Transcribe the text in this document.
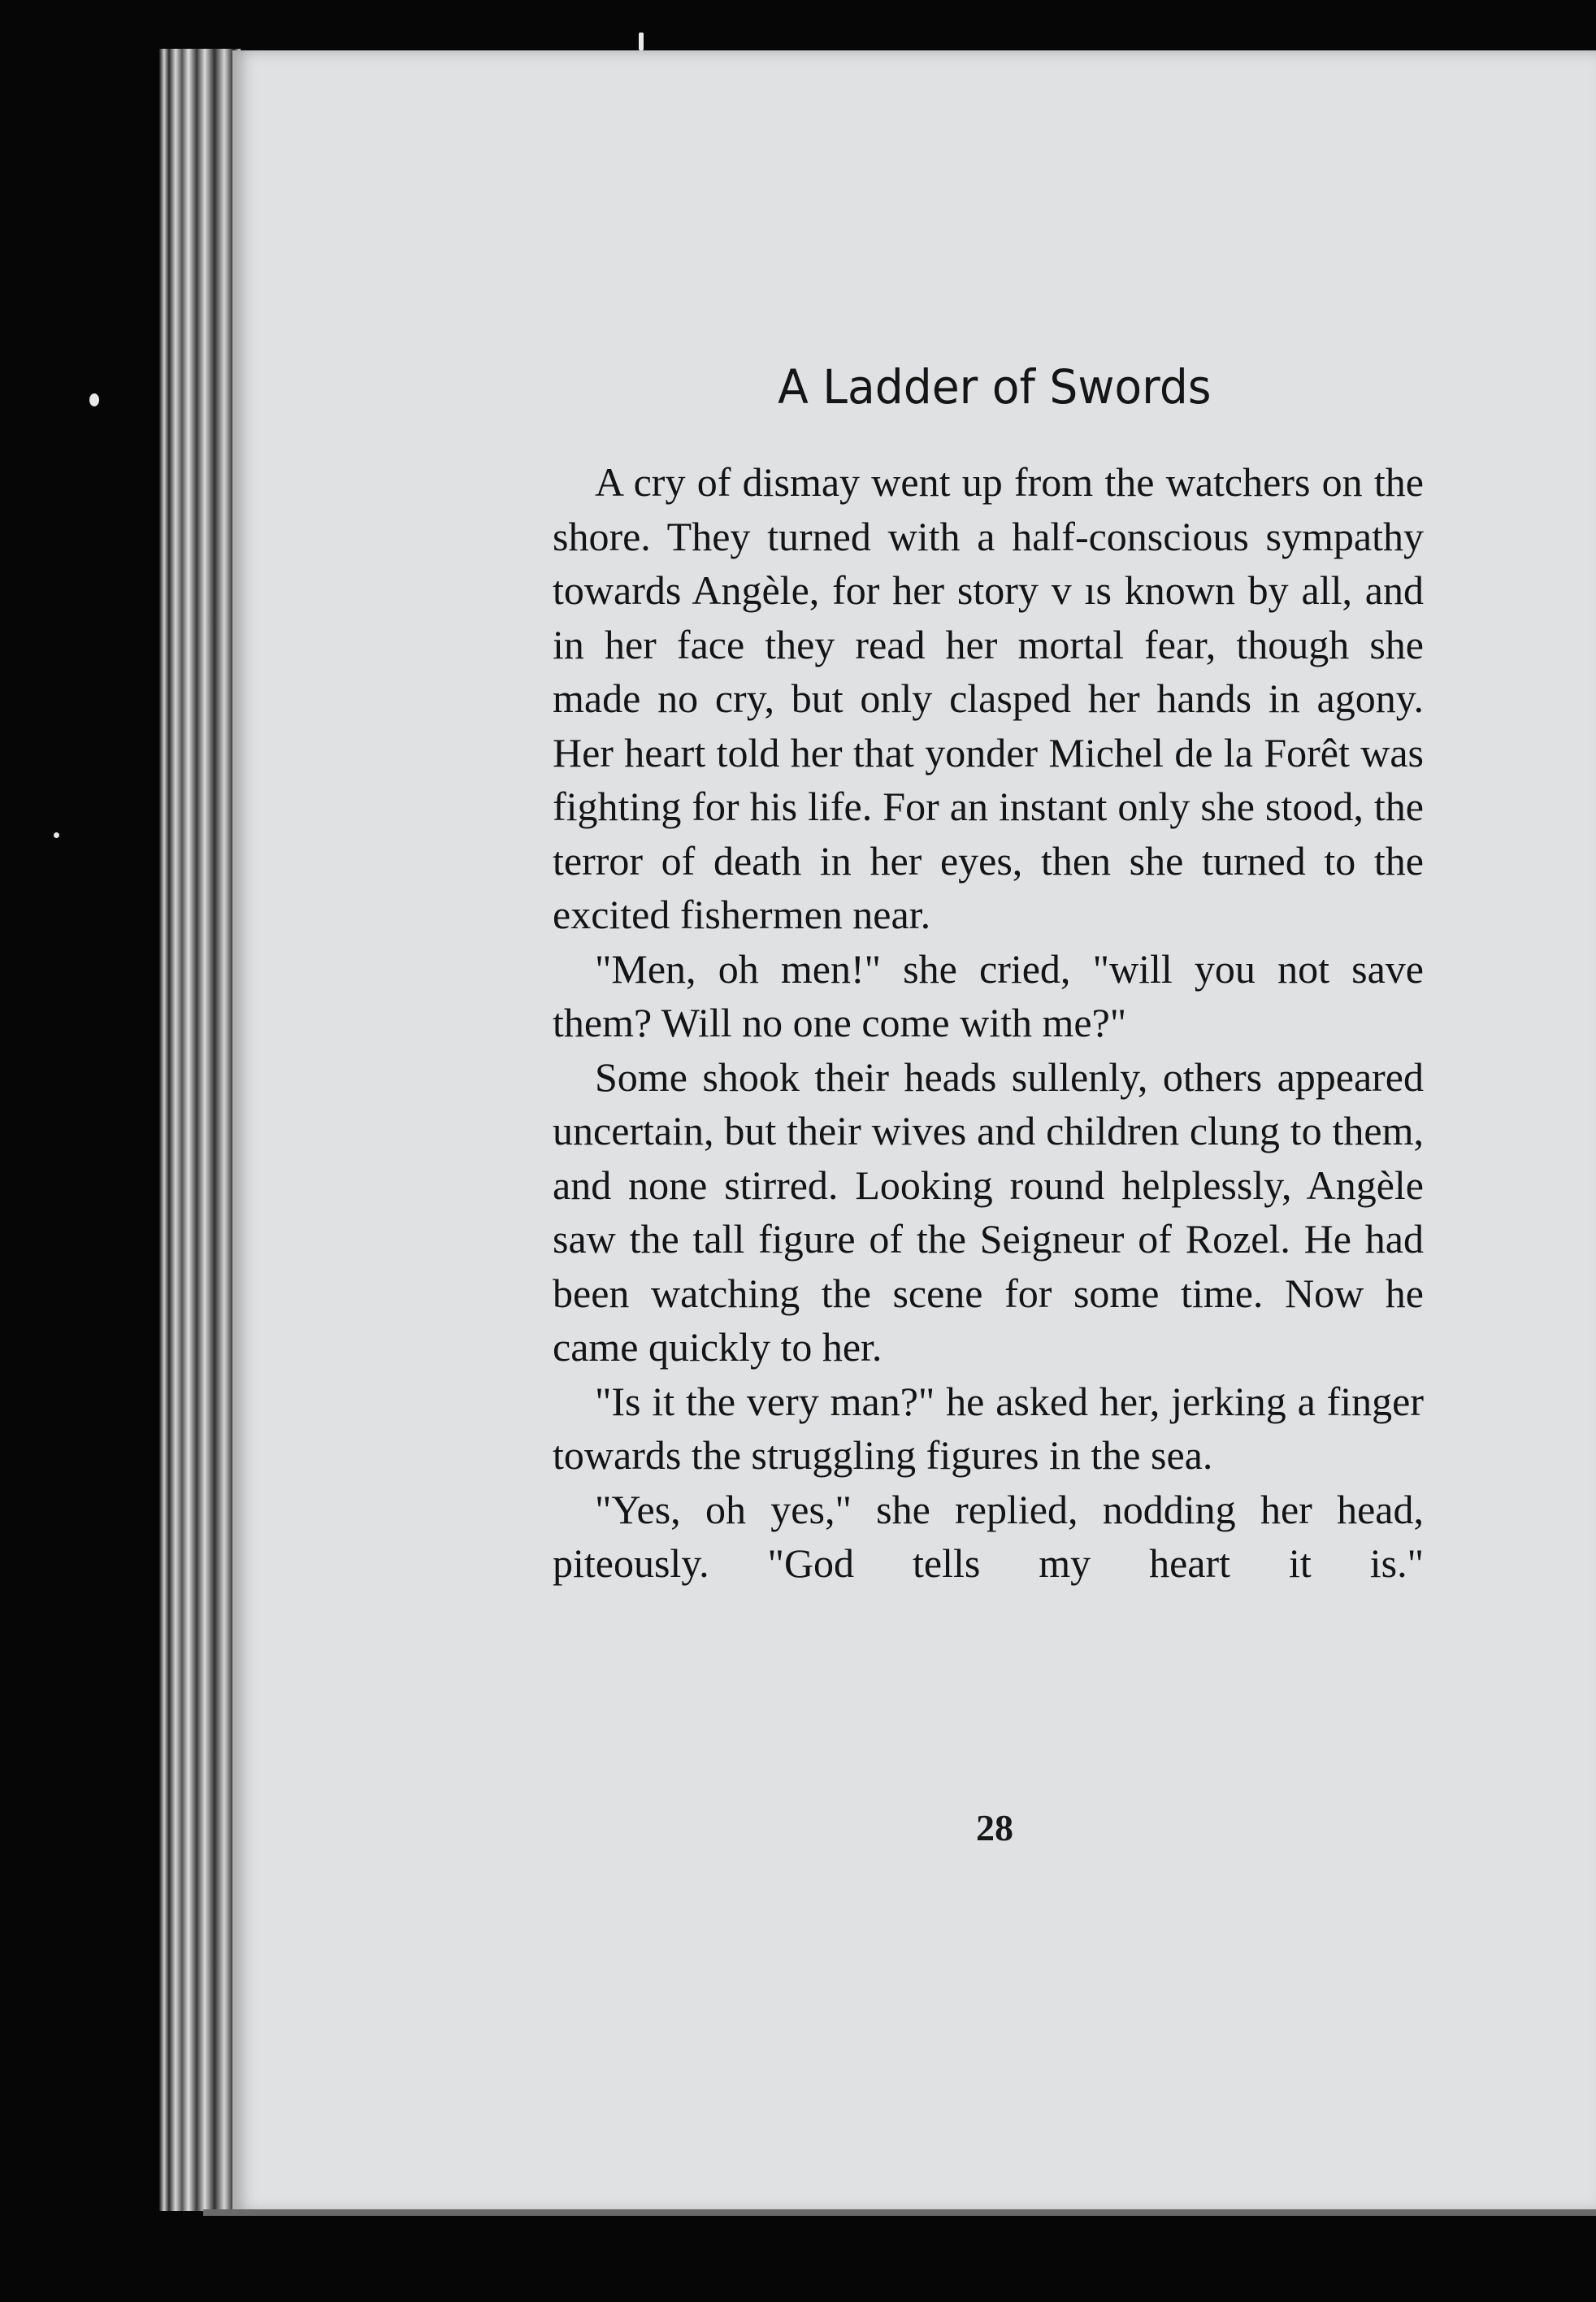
A Ladder of Swords

A cry of dismay went up from the watchers on the shore. They turned with a half-conscious sympathy towards Angèle, for her story v ıs known by all, and in her face they read her mortal fear, though she made no cry, but only clasped her hands in agony. Her heart told her that yonder Michel de la Forêt was fighting for his life. For an instant only she stood, the terror of death in her eyes, then she turned to the excited fishermen near.

"Men, oh men!" she cried, "will you not save them? Will no one come with me?"

Some shook their heads sullenly, others appeared uncertain, but their wives and children clung to them, and none stirred. Looking round helplessly, Angèle saw the tall figure of the Seigneur of Rozel. He had been watching the scene for some time. Now he came quickly to her.

"Is it the very man?" he asked her, jerking a finger towards the struggling figures in the sea.

"Yes, oh yes," she replied, nodding her head, piteously. "God tells my heart it is."

28
